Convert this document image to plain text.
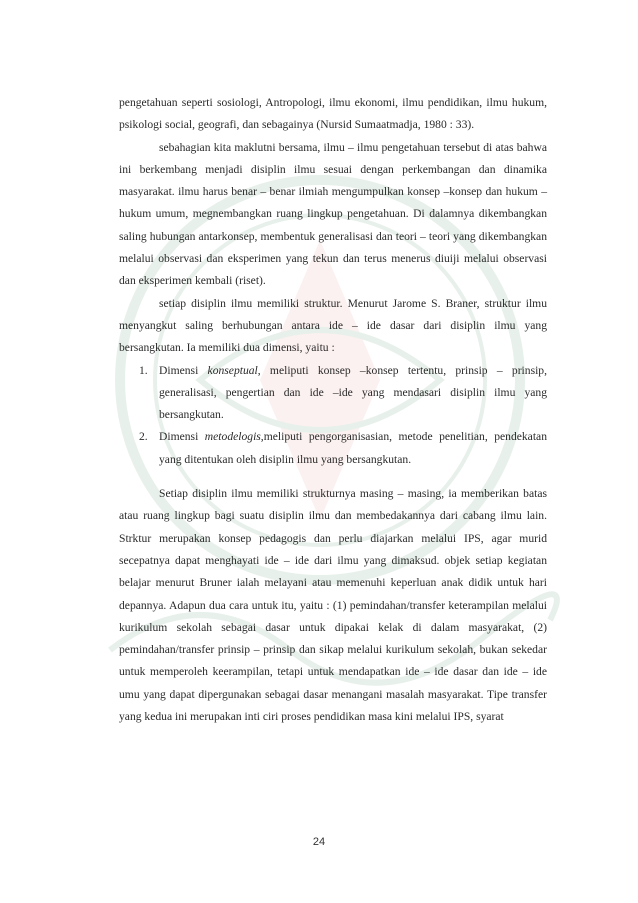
pengetahuan seperti sosiologi, Antropologi, ilmu ekonomi, ilmu pendidikan, ilmu hukum, psikologi social, geografi, dan sebagainya (Nursid Sumaatmadja, 1980 : 33).

sebahagian kita maklutni bersama, ilmu – ilmu pengetahuan tersebut di atas bahwa ini berkembang menjadi disiplin ilmu sesuai dengan perkembangan dan dinamika masyarakat. ilmu harus benar – benar ilmiah mengumpulkan konsep –konsep dan hukum – hukum umum, megnembangkan ruang lingkup pengetahuan. Di dalamnya dikembangkan saling hubungan antarkonsep, membentuk generalisasi dan teori – teori yang dikembangkan melalui observasi dan eksperimen yang tekun dan terus menerus diuiji melalui observasi dan eksperimen kembali (riset).

setiap disiplin ilmu memiliki struktur. Menurut Jarome S. Braner, struktur ilmu menyangkut saling berhubungan antara ide – ide dasar dari disiplin ilmu yang bersangkutan. Ia memiliki dua dimensi, yaitu :

1. Dimensi konseptual, meliputi konsep –konsep tertentu, prinsip – prinsip, generalisasi, pengertian dan ide –ide yang mendasari disiplin ilmu yang bersangkutan.
2. Dimensi metodelogis,meliputi pengorganisasian, metode penelitian, pendekatan yang ditentukan oleh disiplin ilmu yang bersangkutan.

Setiap disiplin ilmu memiliki strukturnya masing – masing, ia memberikan batas atau ruang lingkup bagi suatu disiplin ilmu dan membedakannya dari cabang ilmu lain. Strktur merupakan konsep pedagogis dan perlu diajarkan melalui IPS, agar murid secepatnya dapat menghayati ide – ide dari ilmu yang dimaksud. objek setiap kegiatan belajar menurut Bruner ialah melayani atau memenuhi keperluan anak didik untuk hari depannya. Adapun dua cara untuk itu, yaitu : (1) pemindahan/transfer keterampilan melalui kurikulum sekolah sebagai dasar untuk dipakai kelak di dalam masyarakat, (2) pemindahan/transfer prinsip – prinsip dan sikap melalui kurikulum sekolah, bukan sekedar untuk memperoleh keerampilan, tetapi untuk mendapatkan ide – ide dasar dan ide – ide umu yang dapat dipergunakan sebagai dasar menangani masalah masyarakat. Tipe transfer yang kedua ini merupakan inti ciri proses pendidikan masa kini melalui IPS, syarat

24
